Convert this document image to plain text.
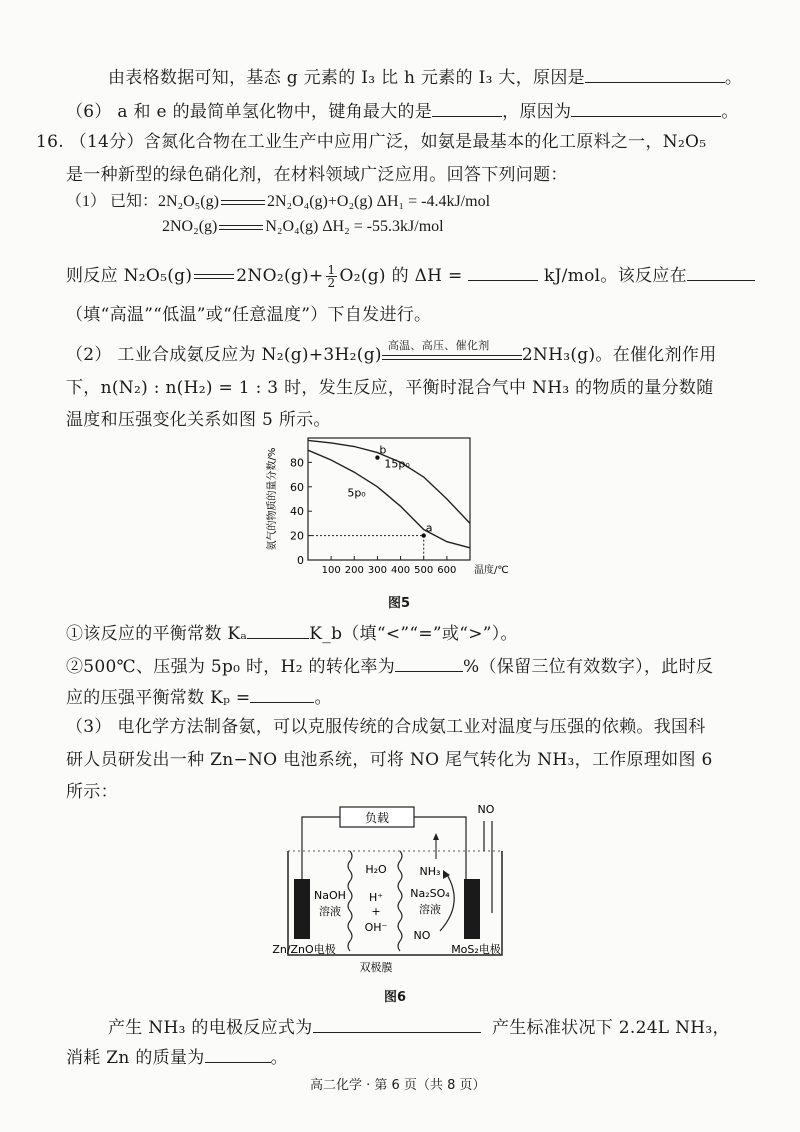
由表格数据可知，基态 g 元素的 I₃ 比 h 元素的 I₃ 大，原因是	。
（6） a 和 e 的最简单氢化物中，键角最大的是	，原因为	。
16. （14分）含氮化合物在工业生产中应用广泛，如氨是最基本的化工原料之一，N₂O₅
是一种新型的绿色硝化剂，在材料领域广泛应用。回答下列问题：
（1） 已知：2N₂O₅(g)	2N₂O₄(g)+O₂(g) ΔH₁ = -4.4kJ/mol
2NO₂(g)	N₂O₄(g) ΔH₂ = -55.3kJ/mol
则反应 N₂O₅(g)	$2NO_2(g)+ \frac{1}{2} O_2(g)$ 的 ΔH =	kJ/mol。该反应在
（填“高温”“低温”或“任意温度”）下自发进行。
（2） 工业合成氨反应为 N₂(g)+3H₂(g) 高温、高压、催化剂 2NH₃(g)。在催化剂作用
下，n(N₂) : n(H₂) = 1 : 3 时，发生反应，平衡时混合气中 NH₃ 的物质的量分数随
温度和压强变化关系如图 5 所示。
0
20
40
60
80
100 200 300 400 500 600 温度/℃
氨气的物质的量分数/%	15p₀
5p₀
a
b
图5
①该反应的平衡常数 Kₐ	K_b（填“<”“=”或“>”）。
②500℃、压强为 5p₀ 时，H₂ 的转化率为	%（保留三位有效数字），此时反
应的压强平衡常数 Kₚ =	。
（3） 电化学方法制备氨，可以克服传统的合成氨工业对温度与压强的依赖。我国科
研人员研发出一种 Zn−NO 电池系统，可将 NO 尾气转化为 NH₃，工作原理如图 6
所示：
负载
NO
H₂O
NaOH
溶液
H⁺
+
OH⁻
NH₃
Na₂SO₄
溶液
NO
Zn/ZnO电极	MoS₂电极
双极膜
图6
产生 NH₃ 的电极反应式为	产生标准状况下 2.24L NH₃，
消耗 Zn 的质量为	。
高二化学 · 第 6 页（共 8 页）
